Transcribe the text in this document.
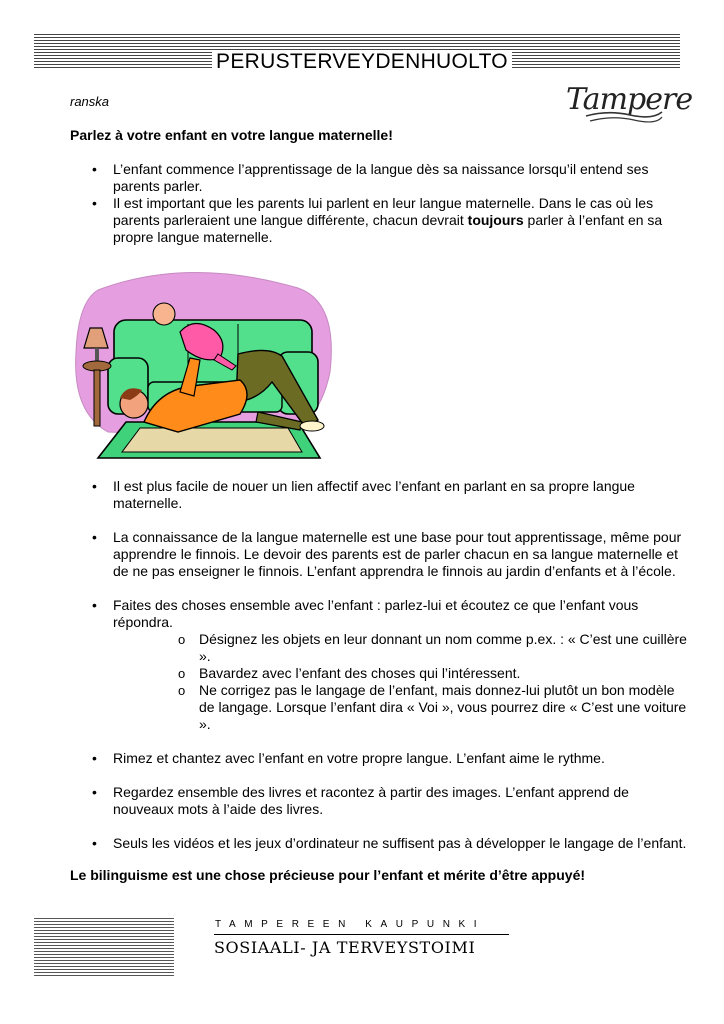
PERUSTERVEYDENHUOLTO
ranska	Tampere
Parlez à votre enfant en votre langue maternelle!
• L’enfant commence l’apprentissage de la langue dès sa naissance lorsqu’il entend ses parents parler.
• Il est important que les parents lui parlent en leur langue maternelle. Dans le cas où les parents parleraient une langue différente, chacun devrait toujours parler à l’enfant en sa propre langue maternelle.
• Il est plus facile de nouer un lien affectif avec l’enfant en parlant en sa propre langue maternelle.
• La connaissance de la langue maternelle est une base pour tout apprentissage, même pour apprendre le finnois. Le devoir des parents est de parler chacun en sa langue maternelle et de ne pas enseigner le finnois. L’enfant apprendra le finnois au jardin d’enfants et à l’école.
• Faites des choses ensemble avec l’enfant : parlez-lui et écoutez ce que l’enfant vous répondra.
o Désignez les objets en leur donnant un nom comme p.ex. : « C’est une cuillère ».
o Bavardez avec l’enfant des choses qui l’intéressent.
o Ne corrigez pas le langage de l’enfant, mais donnez-lui plutôt un bon modèle de langage. Lorsque l’enfant dira « Voi », vous pourrez dire « C’est une voiture ».
• Rimez et chantez avec l’enfant en votre propre langue. L’enfant aime le rythme.
• Regardez ensemble des livres et racontez à partir des images. L’enfant apprend de nouveaux mots à l’aide des livres.
• Seuls les vidéos et les jeux d’ordinateur ne suffisent pas à développer le langage de l’enfant.
Le bilinguisme est une chose précieuse pour l’enfant et mérite d’être appuyé!
TAMPEREEN KAUPUNKI
SOSIAALI- JA TERVEYSTOIMI
